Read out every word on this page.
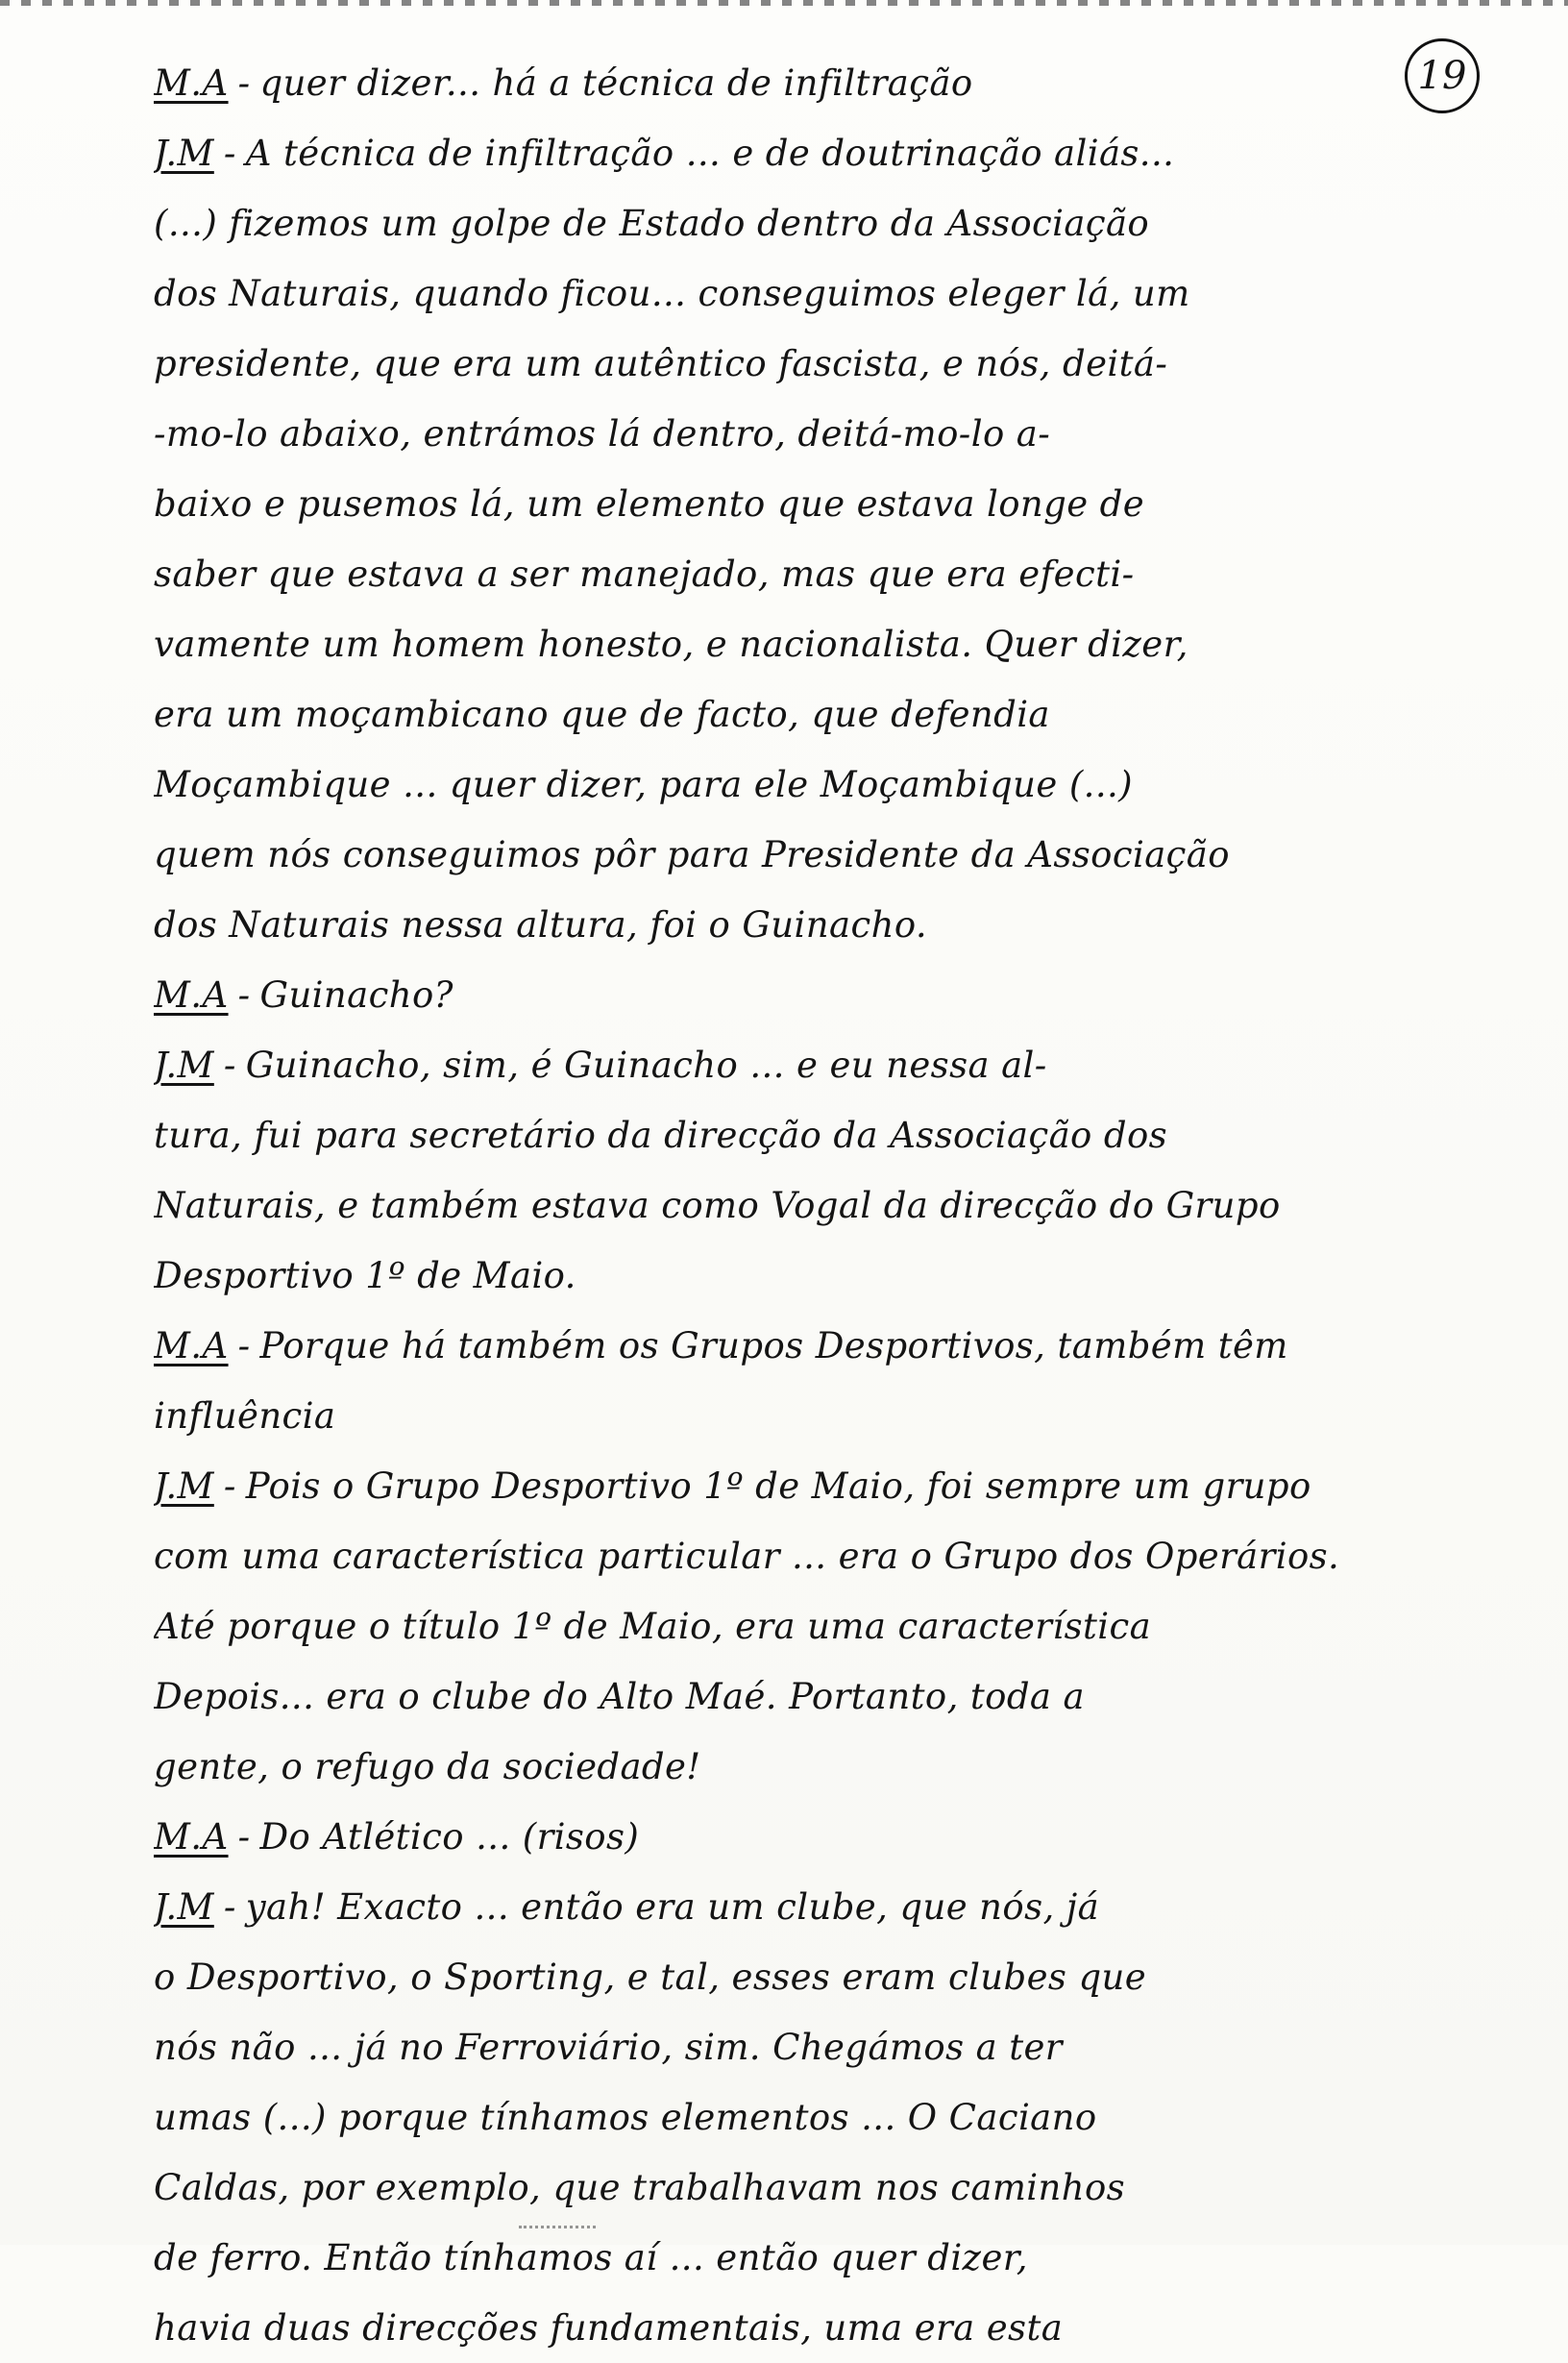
19
M.A - quer dizer... há a técnica de infiltração
J.M - A técnica de infiltração ... e de doutrinação aliás...
(...) fizemos um golpe de Estado dentro da Associação
dos Naturais, quando ficou... conseguimos eleger lá, um
presidente, que era um autêntico fascista, e nós, deitá-
-mo-lo abaixo, entrámos lá dentro, deitá-mo-lo a-
baixo e pusemos lá, um elemento que estava longe de
saber que estava a ser manejado, mas que era efecti-
vamente um homem honesto, e nacionalista. Quer dizer,
era um moçambicano que de facto, que defendia
Moçambique ... quer dizer, para ele Moçambique (...)
quem nós conseguimos pôr para Presidente da Associação
dos Naturais nessa altura, foi o Guinacho.
M.A - Guinacho?
J.M - Guinacho, sim, é Guinacho ... e eu nessa al-
tura, fui para secretário da direcção da Associação dos
Naturais, e também estava como Vogal da direcção do Grupo
Desportivo 1º de Maio.
M.A - Porque há também os Grupos Desportivos, também têm
influência
J.M - Pois o Grupo Desportivo 1º de Maio, foi sempre um grupo
com uma característica particular ... era o Grupo dos Operários.
Até porque o título 1º de Maio, era uma característica
Depois... era o clube do Alto Maé. Portanto, toda a
gente, o refugo da sociedade!
M.A - Do Atlético ... (risos)
J.M - yah! Exacto ... então era um clube, que nós, já
o Desportivo, o Sporting, e tal, esses eram clubes que
nós não ... já no Ferroviário, sim. Chegámos a ter
umas (...) porque tínhamos elementos ... O Caciano
Caldas, por exemplo, que trabalhavam nos caminhos
de ferro. Então tínhamos aí ... então quer dizer,
havia duas direcções fundamentais, uma era esta
